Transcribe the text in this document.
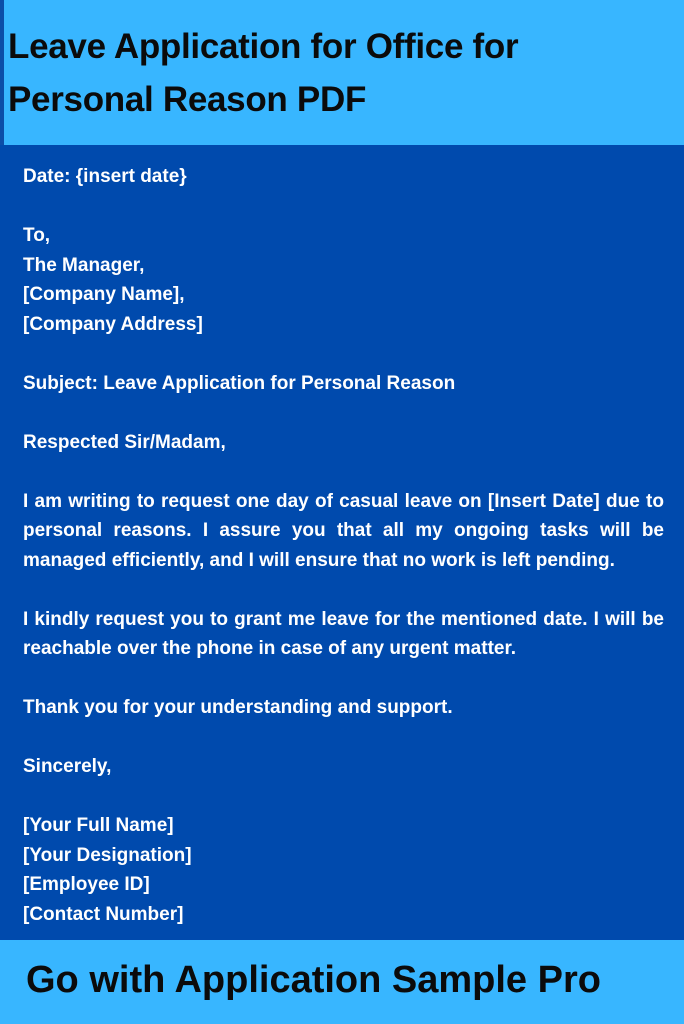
Leave Application for Office for Personal Reason PDF
Date: {insert date}
To,
The Manager,
[Company Name],
[Company Address]
Subject: Leave Application for Personal Reason
Respected Sir/Madam,
I am writing to request one day of casual leave on [Insert Date] due to personal reasons. I assure you that all my ongoing tasks will be managed efficiently, and I will ensure that no work is left pending.
I kindly request you to grant me leave for the mentioned date. I will be reachable over the phone in case of any urgent matter.
Thank you for your understanding and support.
Sincerely,
[Your Full Name]
[Your Designation]
[Employee ID]
[Contact Number]

Go with Application Sample Pro
